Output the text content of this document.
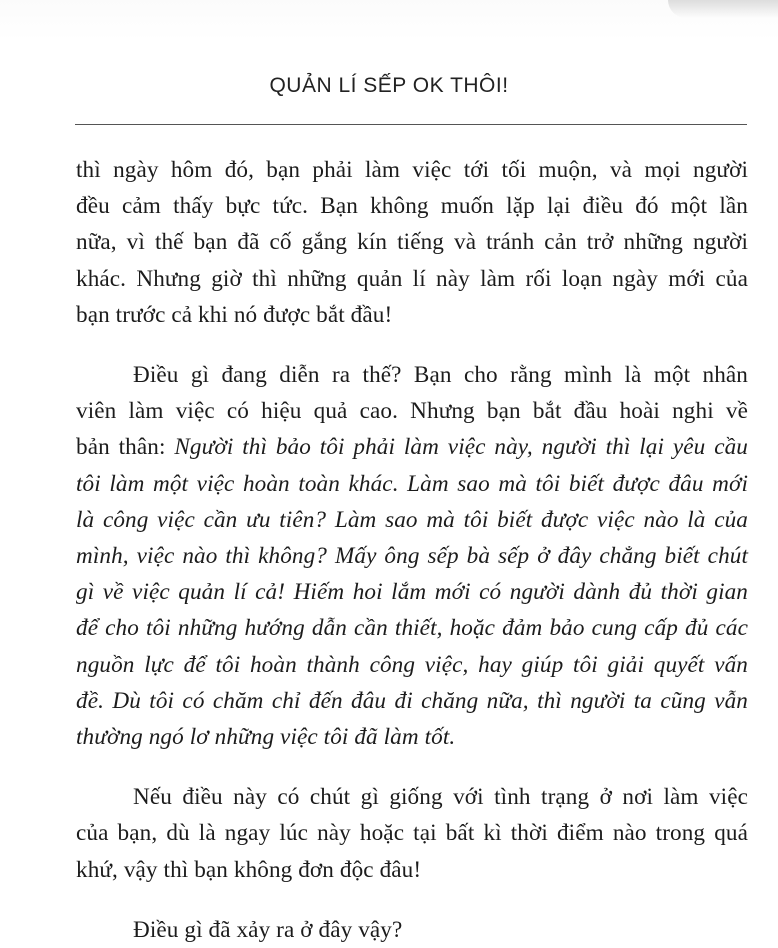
QUẢN LÍ SẾP OK THÔI!
thì ngày hôm đó, bạn phải làm việc tới tối muộn, và mọi người
đều cảm thấy bực tức. Bạn không muốn lặp lại điều đó một lần
nữa, vì thế bạn đã cố gắng kín tiếng và tránh cản trở những người
khác. Nhưng giờ thì những quản lí này làm rối loạn ngày mới của
bạn trước cả khi nó được bắt đầu!
Điều gì đang diễn ra thế? Bạn cho rằng mình là một nhân
viên làm việc có hiệu quả cao. Nhưng bạn bắt đầu hoài nghi về
bản thân: Người thì bảo tôi phải làm việc này, người thì lại yêu cầu
tôi làm một việc hoàn toàn khác. Làm sao mà tôi biết được đâu mới
là công việc cần ưu tiên? Làm sao mà tôi biết được việc nào là của
mình, việc nào thì không? Mấy ông sếp bà sếp ở đây chẳng biết chút
gì về việc quản lí cả! Hiếm hoi lắm mới có người dành đủ thời gian
để cho tôi những hướng dẫn cần thiết, hoặc đảm bảo cung cấp đủ các
nguồn lực để tôi hoàn thành công việc, hay giúp tôi giải quyết vấn
đề. Dù tôi có chăm chỉ đến đâu đi chăng nữa, thì người ta cũng vẫn
thường ngó lơ những việc tôi đã làm tốt.
Nếu điều này có chút gì giống với tình trạng ở nơi làm việc
của bạn, dù là ngay lúc này hoặc tại bất kì thời điểm nào trong quá
khứ, vậy thì bạn không đơn độc đâu!
Điều gì đã xảy ra ở đây vậy?
